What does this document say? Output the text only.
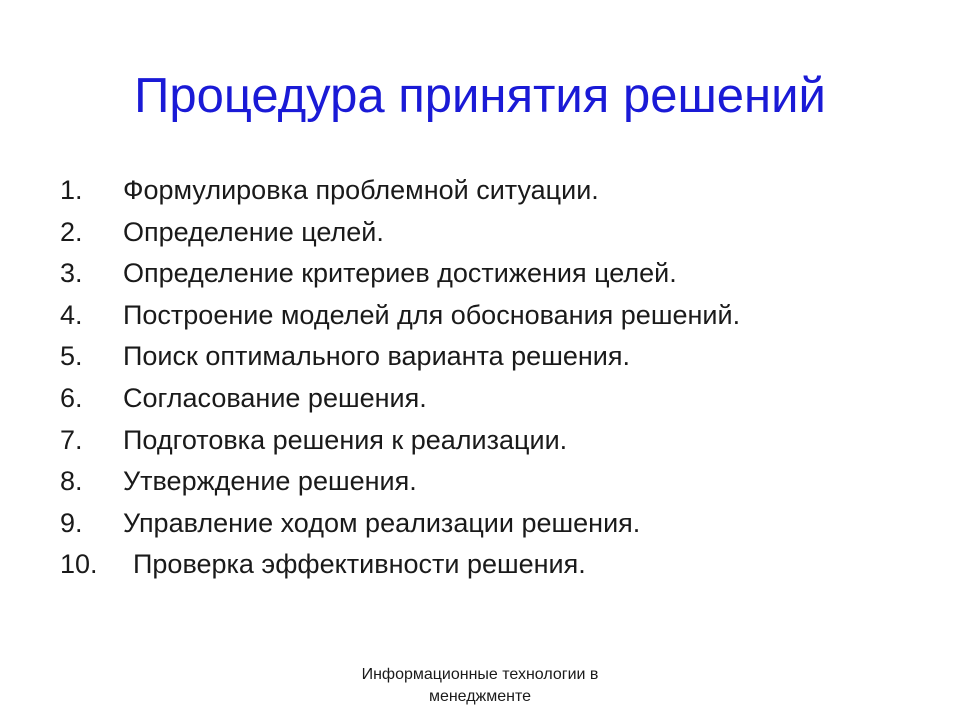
Процедура принятия решений
1. Формулировка проблемной ситуации.
2. Определение целей.
3. Определение критериев достижения целей.
4. Построение моделей для обоснования решений.
5. Поиск оптимального варианта решения.
6. Согласование решения.
7. Подготовка решения к реализации.
8. Утверждение решения.
9. Управление ходом реализации решения.
10. Проверка эффективности решения.
Информационные технологии в
менеджменте
